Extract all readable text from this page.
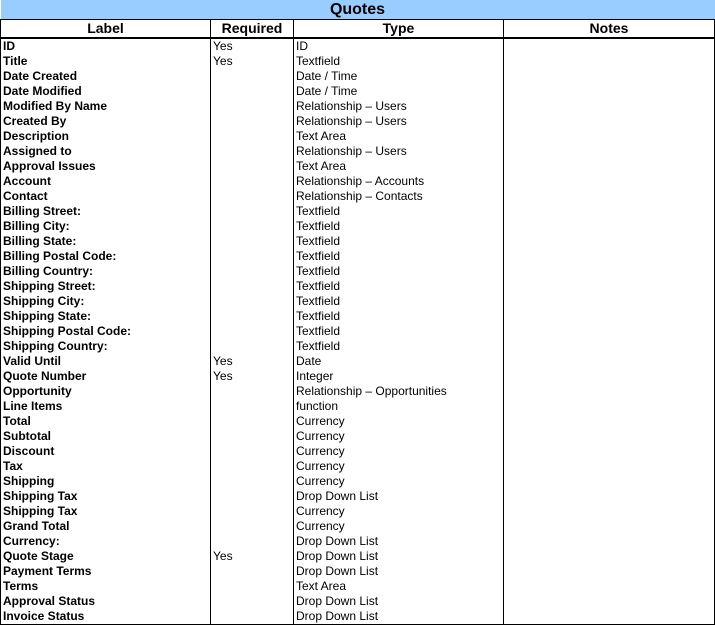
Quotes			
Label	Required	Type	Notes
ID	Yes	ID	
Title	Yes	Textfield	
Date Created		Date / Time	
Date Modified		Date / Time	
Modified By Name		Relationship – Users	
Created By		Relationship – Users	
Description		Text Area	
Assigned to		Relationship – Users	
Approval Issues		Text Area	
Account		Relationship – Accounts	
Contact		Relationship – Contacts	
Billing Street:		Textfield	
Billing City:		Textfield	
Billing State:		Textfield	
Billing Postal Code:		Textfield	
Billing Country:		Textfield	
Shipping Street:		Textfield	
Shipping City:		Textfield	
Shipping State:		Textfield	
Shipping Postal Code:		Textfield	
Shipping Country:		Textfield	
Valid Until	Yes	Date	
Quote Number	Yes	Integer	
Opportunity		Relationship – Opportunities	
Line Items		function	
Total		Currency	
Subtotal		Currency	
Discount		Currency	
Tax		Currency	
Shipping		Currency	
Shipping Tax		Drop Down List	
Shipping Tax		Currency	
Grand Total		Currency	
Currency:		Drop Down List	
Quote Stage	Yes	Drop Down List	
Payment Terms		Drop Down List	
Terms		Text Area	
Approval Status		Drop Down List	
Invoice Status		Drop Down List	
